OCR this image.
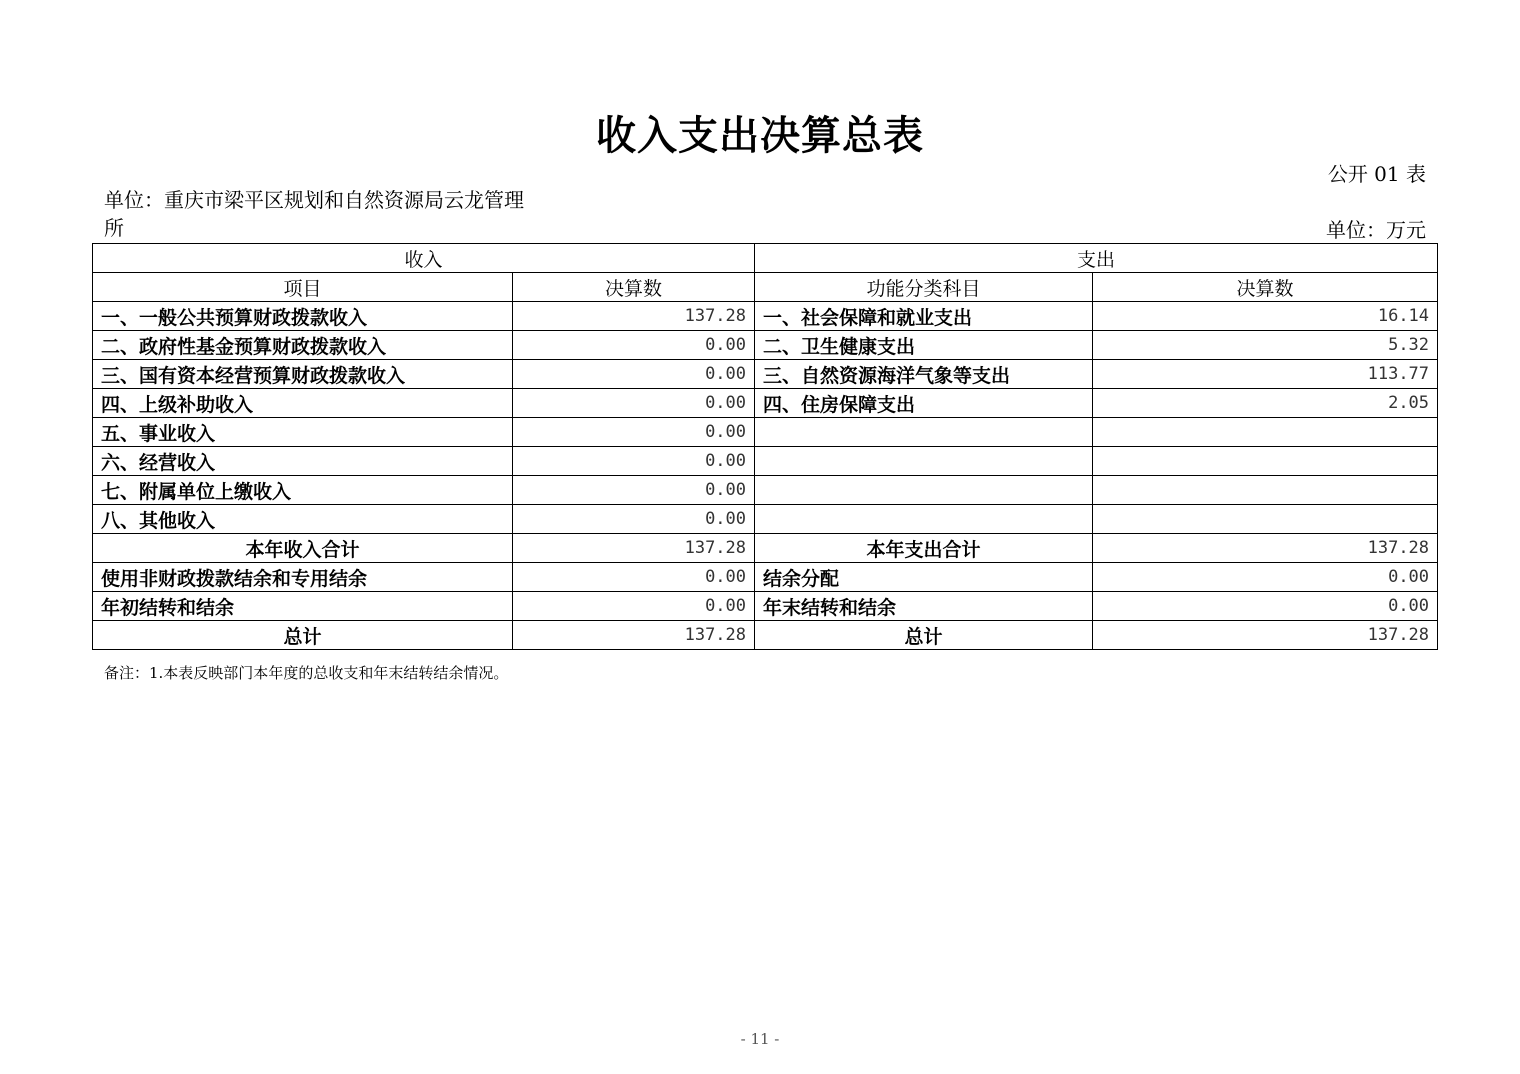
收入支出决算总表
公开 01 表
单位：重庆市梁平区规划和自然资源局云龙管理所	单位：万元
收入		支出	
项目	决算数	功能分类科目	决算数
一、一般公共预算财政拨款收入	137.28	一、社会保障和就业支出	16.14
二、政府性基金预算财政拨款收入	0.00	二、卫生健康支出	5.32
三、国有资本经营预算财政拨款收入	0.00	三、自然资源海洋气象等支出	113.77
四、上级补助收入	0.00	四、住房保障支出	2.05
五、事业收入	0.00		
六、经营收入	0.00		
七、附属单位上缴收入	0.00		
八、其他收入	0.00		
本年收入合计	137.28	本年支出合计	137.28
使用非财政拨款结余和专用结余	0.00	结余分配	0.00
年初结转和结余	0.00	年末结转和结余	0.00
总计	137.28	总计	137.28
备注：1.本表反映部门本年度的总收支和年末结转结余情况。
- 11 -
